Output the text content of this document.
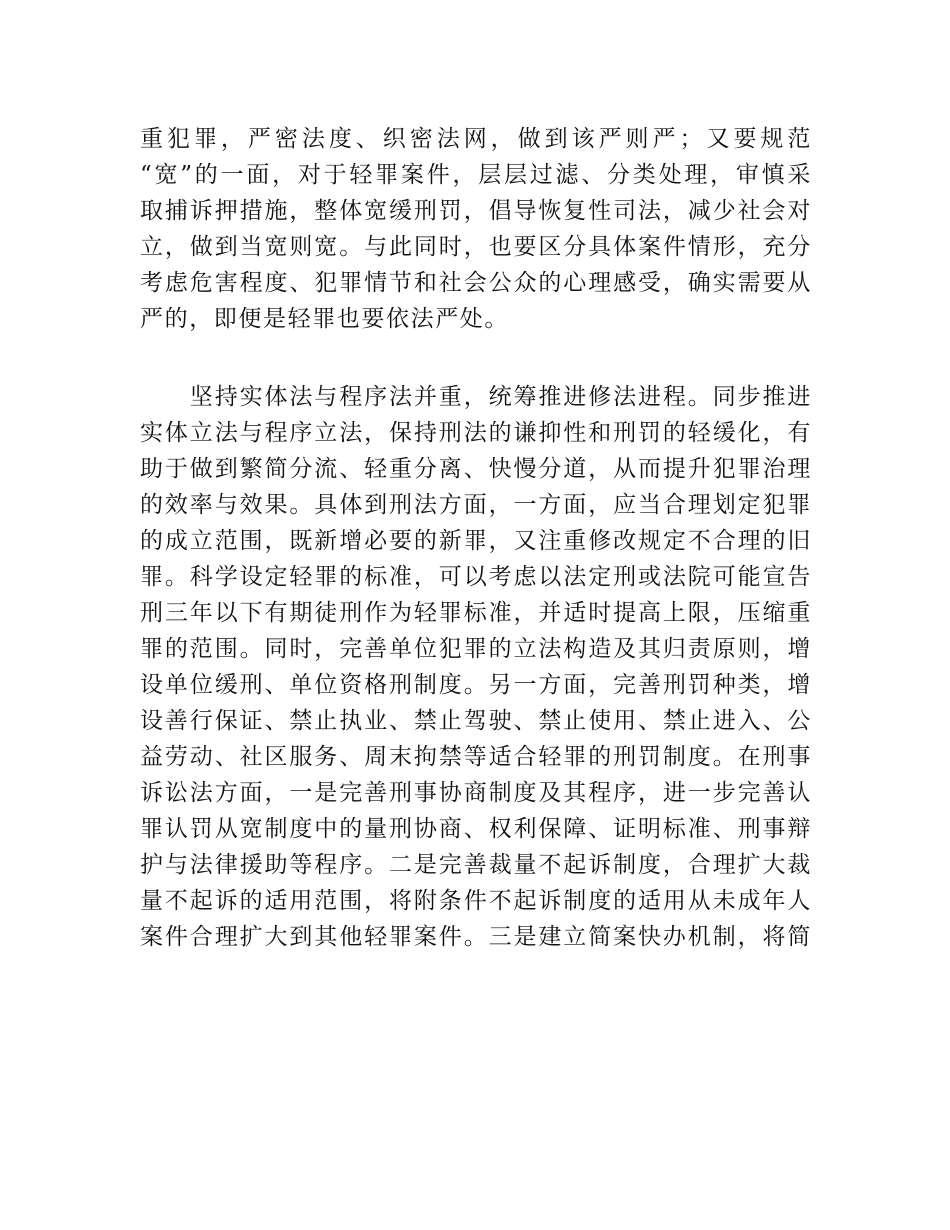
重犯罪，严密法度、织密法网，做到该严则严；又要规范
“宽”的一面，对于轻罪案件，层层过滤、分类处理，审慎采
取捕诉押措施，整体宽缓刑罚，倡导恢复性司法，减少社会对
立，做到当宽则宽。与此同时，也要区分具体案件情形，充分
考虑危害程度、犯罪情节和社会公众的心理感受，确实需要从
严的，即便是轻罪也要依法严处。
　　坚持实体法与程序法并重，统筹推进修法进程。同步推进
实体立法与程序立法，保持刑法的谦抑性和刑罚的轻缓化，有
助于做到繁简分流、轻重分离、快慢分道，从而提升犯罪治理
的效率与效果。具体到刑法方面，一方面，应当合理划定犯罪
的成立范围，既新增必要的新罪，又注重修改规定不合理的旧
罪。科学设定轻罪的标准，可以考虑以法定刑或法院可能宣告
刑三年以下有期徒刑作为轻罪标准，并适时提高上限，压缩重
罪的范围。同时，完善单位犯罪的立法构造及其归责原则，增
设单位缓刑、单位资格刑制度。另一方面，完善刑罚种类，增
设善行保证、禁止执业、禁止驾驶、禁止使用、禁止进入、公
益劳动、社区服务、周末拘禁等适合轻罪的刑罚制度。在刑事
诉讼法方面，一是完善刑事协商制度及其程序，进一步完善认
罪认罚从宽制度中的量刑协商、权利保障、证明标准、刑事辩
护与法律援助等程序。二是完善裁量不起诉制度，合理扩大裁
量不起诉的适用范围，将附条件不起诉制度的适用从未成年人
案件合理扩大到其他轻罪案件。三是建立简案快办机制，将简
